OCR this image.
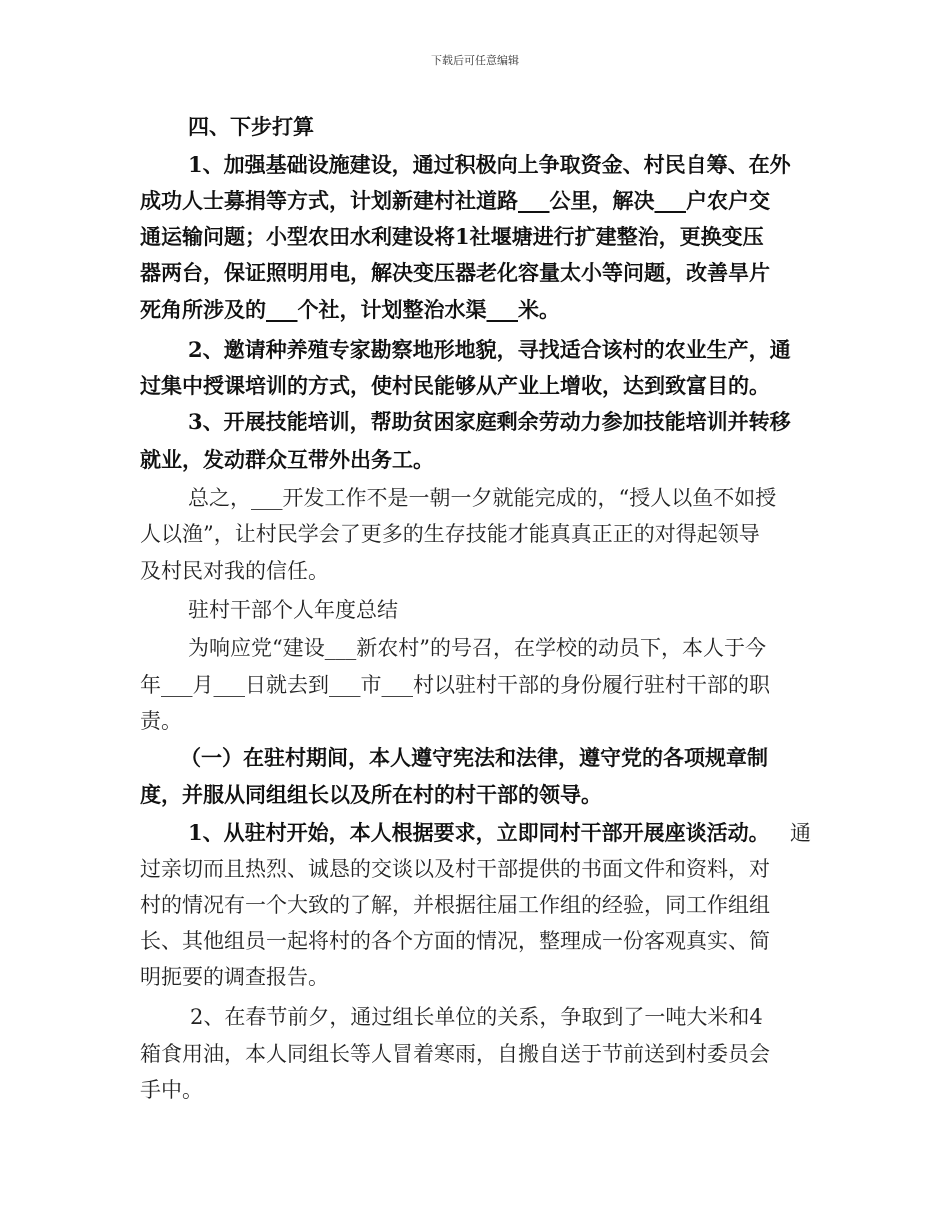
下载后可任意编辑
四、下步打算
1、加强基础设施建设，通过积极向上争取资金、村民自筹、在外
成功人士募捐等方式，计划新建村社道路___公里，解决___户农户交
通运输问题；小型农田水利建设将1社堰塘进行扩建整治，更换变压
器两台，保证照明用电，解决变压器老化容量太小等问题，改善旱片
死角所涉及的___个社，计划整治水渠___米。
2、邀请种养殖专家勘察地形地貌，寻找适合该村的农业生产，通
过集中授课培训的方式，使村民能够从产业上增收，达到致富目的。
3、开展技能培训，帮助贫困家庭剩余劳动力参加技能培训并转移
就业，发动群众互带外出务工。
总之，___开发工作不是一朝一夕就能完成的，“授人以鱼不如授
人以渔”，让村民学会了更多的生存技能才能真真正正的对得起领导
及村民对我的信任。
驻村干部个人年度总结
为响应党“建设___新农村”的号召，在学校的动员下，本人于今
年___月___日就去到___市___村以驻村干部的身份履行驻村干部的职
责。
（一）在驻村期间，本人遵守宪法和法律，遵守党的各项规章制
度，并服从同组组长以及所在村的村干部的领导。
1、从驻村开始，本人根据要求，立即同村干部开展座谈活动。 通
过亲切而且热烈、诚恳的交谈以及村干部提供的书面文件和资料，对
村的情况有一个大致的了解，并根据往届工作组的经验，同工作组组
长、其他组员一起将村的各个方面的情况，整理成一份客观真实、简
明扼要的调查报告。
2、在春节前夕，通过组长单位的关系，争取到了一吨大米和4
箱食用油，本人同组长等人冒着寒雨，自搬自送于节前送到村委员会
手中。
